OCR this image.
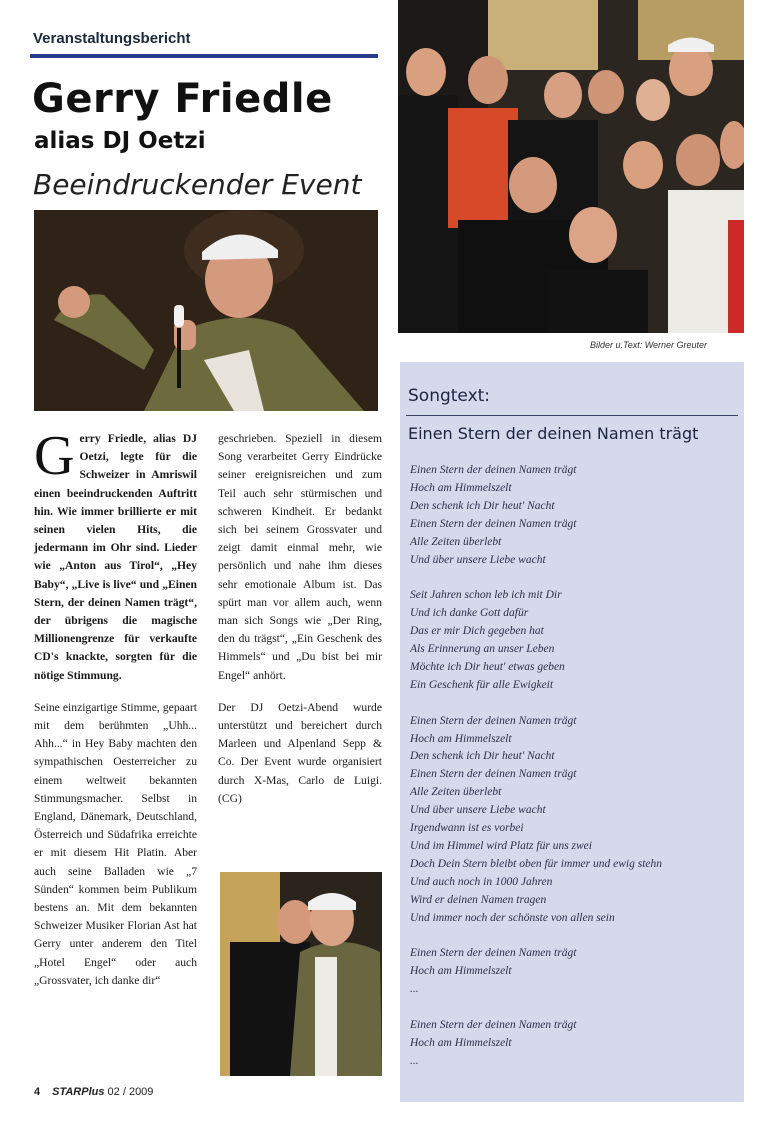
Veranstaltungsbericht
Gerry Friedle
alias DJ Oetzi
Beeindruckender Event
Bilder u.Text: Werner Greuter

Gerry Friedle, alias DJ Oetzi, legte für die Schweizer in Amriswil einen beeindruckenden Auftritt hin. Wie immer brillierte er mit seinen vielen Hits, die jedermann im Ohr sind. Lieder wie „Anton aus Tirol“, „Hey Baby“, „Live is live“ und „Einen Stern, der deinen Namen trägt“, der übrigens die magische Millionengrenze für verkaufte CD's knackte, sorgten für die nötige Stimmung.

Seine einzigartige Stimme, gepaart mit dem berühmten „Uhh... Ahh...“ in Hey Baby machten den sympathischen Oesterreicher zu einem weltweit bekannten Stimmungsmacher. Selbst in England, Dänemark, Deutschland, Österreich und Südafrika erreichte er mit diesem Hit Platin. Aber auch seine Balladen wie „7 Sünden“ kommen beim Publikum bestens an. Mit dem bekannten Schweizer Musiker Florian Ast hat Gerry unter anderem den Titel „Hotel Engel“ oder auch „Grossvater, ich danke dir“

geschrieben. Speziell in diesem Song verarbeitet Gerry Eindrücke seiner ereignisreichen und zum Teil auch sehr stürmischen und schweren Kindheit. Er bedankt sich bei seinem Grossvater und zeigt damit einmal mehr, wie persönlich und nahe ihm dieses sehr emotionale Album ist. Das spürt man vor allem auch, wenn man sich Songs wie „Der Ring, den du trägst“, „Ein Geschenk des Himmels“ und „Du bist bei mir Engel“ anhört.

Der DJ Oetzi-Abend wurde unterstützt und bereichert durch Marleen und Alpenland Sepp & Co. Der Event wurde organisiert durch X-Mas, Carlo de Luigi. (CG)

Songtext:
Einen Stern der deinen Namen trägt
Einen Stern der deinen Namen trägt
Hoch am Himmelszelt
Den schenk ich Dir heut' Nacht
Einen Stern der deinen Namen trägt
Alle Zeiten überlebt
Und über unsere Liebe wacht
Seit Jahren schon leb ich mit Dir
Und ich danke Gott dafür
Das er mir Dich gegeben hat
Als Erinnerung an unser Leben
Möchte ich Dir heut' etwas geben
Ein Geschenk für alle Ewigkeit
Einen Stern der deinen Namen trägt
Hoch am Himmelszelt
Den schenk ich Dir heut' Nacht
Einen Stern der deinen Namen trägt
Alle Zeiten überlebt
Und über unsere Liebe wacht
Irgendwann ist es vorbei
Und im Himmel wird Platz für uns zwei
Doch Dein Stern bleibt oben für immer und ewig stehn
Und auch noch in 1000 Jahren
Wird er deinen Namen tragen
Und immer noch der schönste von allen sein
Einen Stern der deinen Namen trägt
Hoch am Himmelszelt
...
Einen Stern der deinen Namen trägt
Hoch am Himmelszelt
...
4 STARPlus 02 / 2009
